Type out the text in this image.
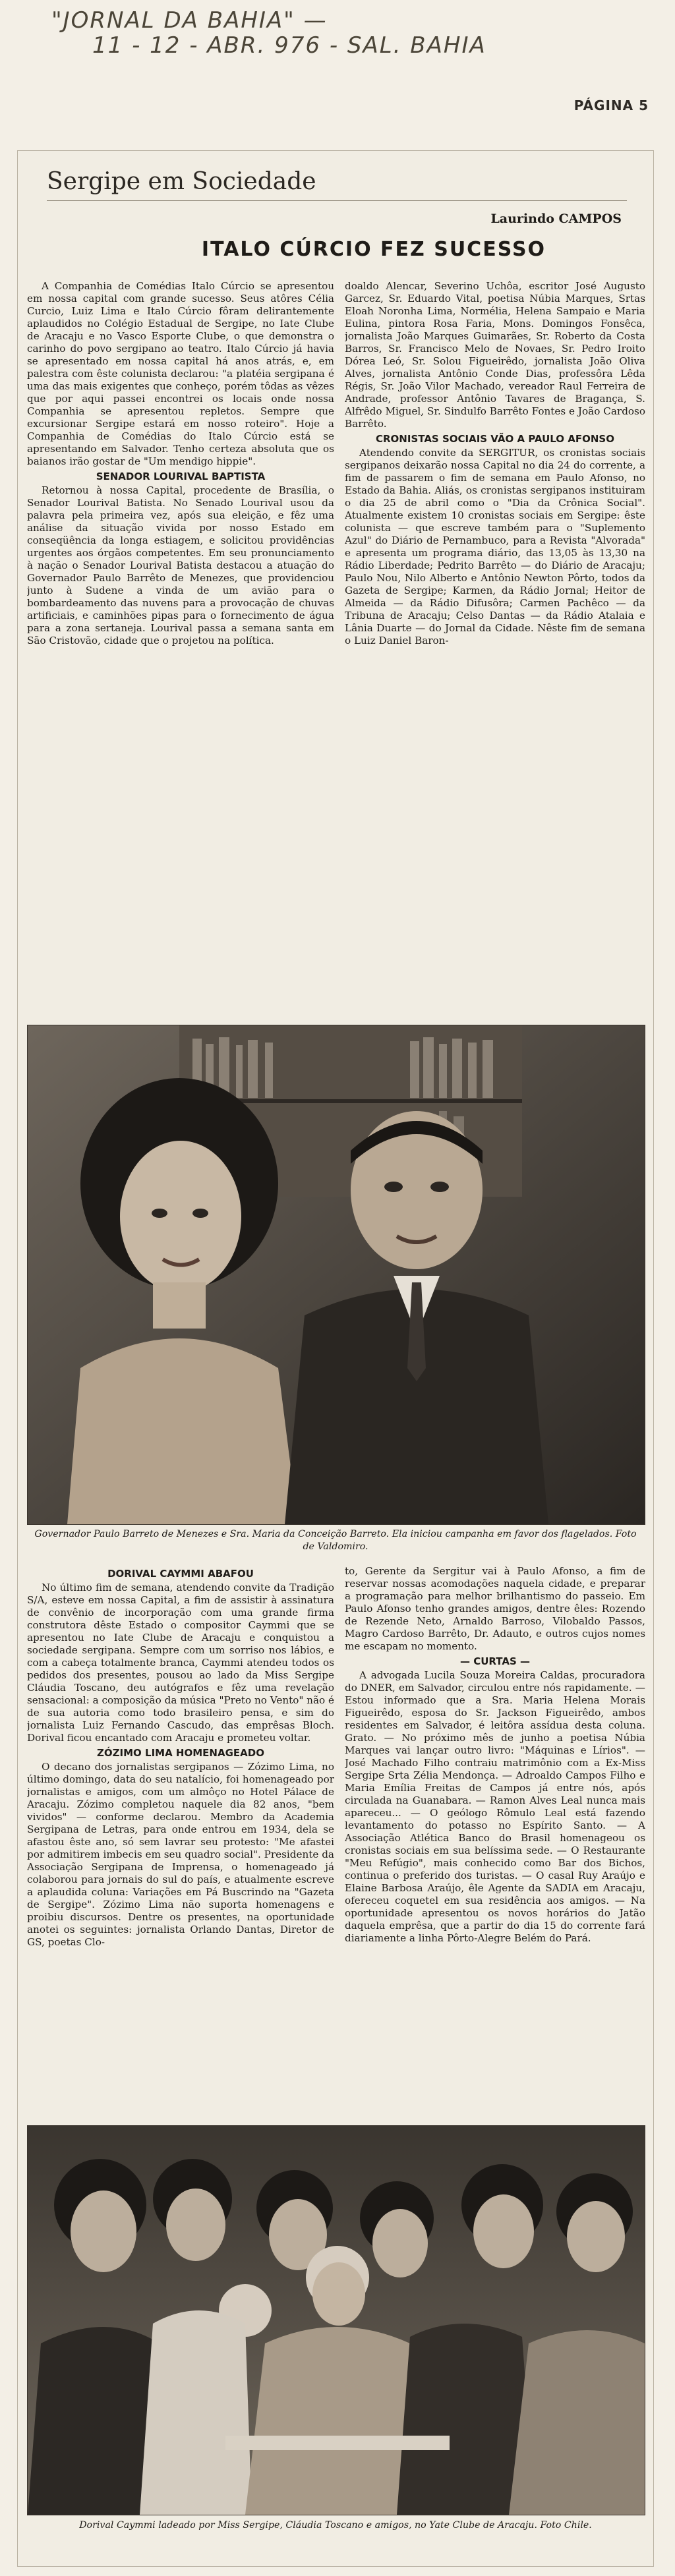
"JORNAL DA BAHIA" —
11 - 12 - ABR. 976 - SAL. BAHIA
PÁGINA 5
Sergipe em Sociedade
Laurindo CAMPOS
ITALO CÚRCIO FEZ SUCESSO

A Companhia de Comédias Italo Cúrcio se apresentou em nossa capital com grande sucesso. Seus atôres Célia Curcio, Luiz Lima e Italo Cúrcio fôram delirantemente aplaudidos no Colégio Estadual de Sergipe, no Iate Clube de Aracaju e no Vasco Esporte Clube, o que demonstra o carinho do povo sergipano ao teatro. Italo Cúrcio já havia se apresentado em nossa capital há anos atrás, e, em palestra com êste colunista declarou: "a platéia sergipana é uma das mais exigentes que conheço, porém tôdas as vêzes que por aqui passei encontrei os locais onde nossa Companhia se apresentou repletos. Sempre que excursionar Sergipe estará em nosso roteiro". Hoje a Companhia de Comédias do Italo Cúrcio está se apresentando em Salvador. Tenho certeza absoluta que os baianos irão gostar de "Um mendigo hippie".

SENADOR LOURIVAL BAPTISTA

Retornou à nossa Capital, procedente de Brasília, o Senador Lourival Batista. No Senado Lourival usou da palavra pela primeira vez, após sua eleição, e fêz uma análise da situação vivida por nosso Estado em conseqüência da longa estiagem, e solicitou providências urgentes aos órgãos competentes. Em seu pronunciamento à nação o Senador Lourival Batista destacou a atuação do Governador Paulo Barrêto de Menezes, que providenciou junto à Sudene a vinda de um avião para o bombardeamento das nuvens para a provocação de chuvas artificiais, e caminhões pipas para o fornecimento de água para a zona sertaneja. Lourival passa a semana santa em São Cristovão, cidade que o projetou na política.

doaldo Alencar, Severino Uchôa, escritor José Augusto Garcez, Sr. Eduardo Vital, poetisa Núbia Marques, Srtas Eloah Noronha Lima, Normélia, Helena Sampaio e Maria Eulina, pintora Rosa Faria, Mons. Domingos Fonsêca, jornalista João Marques Guimarães, Sr. Roberto da Costa Barros, Sr. Francisco Melo de Novaes, Sr. Pedro Iroito Dórea Leó, Sr. Solou Figueirêdo, jornalista João Oliva Alves, jornalista Antônio Conde Dias, professôra Lêda Régis, Sr. João Vilor Machado, vereador Raul Ferreira de Andrade, professor Antônio Tavares de Bragança, S. Alfrêdo Miguel, Sr. Sindulfo Barrêto Fontes e João Cardoso Barrêto.

CRONISTAS SOCIAIS VÃO A PAULO AFONSO

Atendendo convite da SERGITUR, os cronistas sociais sergipanos deixarão nossa Capital no dia 24 do corrente, a fim de passarem o fim de semana em Paulo Afonso, no Estado da Bahia. Aliás, os cronistas sergipanos instituiram o dia 25 de abril como o "Dia da Crônica Social". Atualmente existem 10 cronistas sociais em Sergipe: êste colunista — que escreve também para o "Suplemento Azul" do Diário de Pernambuco, para a Revista "Alvorada" e apresenta um programa diário, das 13,05 às 13,30 na Rádio Liberdade; Pedrito Barrêto — do Diário de Aracaju; Paulo Nou, Nilo Alberto e Antônio Newton Pôrto, todos da Gazeta de Sergipe; Karmen, da Rádio Jornal; Heitor de Almeida — da Rádio Difusôra; Carmen Pachêco — da Tribuna de Aracaju; Celso Dantas — da Rádio Atalaia e Lânia Duarte — do Jornal da Cidade. Nêste fim de semana o Luiz Daniel Baron-

Governador Paulo Barreto de Menezes e Sra. Maria da Conceição Barreto. Ela iniciou campanha em favor dos flagelados. Foto de Valdomiro.
DORIVAL CAYMMI ABAFOU

No último fim de semana, atendendo convite da Tradição S/A, esteve em nossa Capital, a fim de assistir à assinatura de convênio de incorporação com uma grande firma construtora dêste Estado o compositor Caymmi que se apresentou no Iate Clube de Aracaju e conquistou a sociedade sergipana. Sempre com um sorriso nos lábios, e com a cabeça totalmente branca, Caymmi atendeu todos os pedidos dos presentes, pousou ao lado da Miss Sergipe Cláudia Toscano, deu autógrafos e fêz uma revelação sensacional: a composição da música "Preto no Vento" não é de sua autoria como todo brasileiro pensa, e sim do jornalista Luiz Fernando Cascudo, das emprêsas Bloch. Dorival ficou encantado com Aracaju e prometeu voltar.

ZÓZIMO LIMA HOMENAGEADO

O decano dos jornalistas sergipanos — Zózimo Lima, no último domingo, data do seu natalício, foi homenageado por jornalistas e amigos, com um almôço no Hotel Pálace de Aracaju. Zózimo completou naquele dia 82 anos, "bem vividos" — conforme declarou. Membro da Academia Sergipana de Letras, para onde entrou em 1934, dela se afastou êste ano, só sem lavrar seu protesto: "Me afastei por admitirem imbecis em seu quadro social". Presidente da Associação Sergipana de Imprensa, o homenageado já colaborou para jornais do sul do país, e atualmente escreve a aplaudida coluna: Variações em Pá Buscrindo na "Gazeta de Sergipe". Zózimo Lima não suporta homenagens e proibiu discursos. Dentre os presentes, na oportunidade anotei os seguintes: jornalista Orlando Dantas, Diretor de GS, poetas Clo-

to, Gerente da Sergitur vai à Paulo Afonso, a fim de reservar nossas acomodações naquela cidade, e preparar a programação para melhor brilhantismo do passeio. Em Paulo Afonso tenho grandes amigos, dentre êles: Rozendo de Rezende Neto, Arnaldo Barroso, Vilobaldo Passos, Magro Cardoso Barrêto, Dr. Adauto, e outros cujos nomes me escapam no momento.

— CURTAS —

A advogada Lucila Souza Moreira Caldas, procuradora do DNER, em Salvador, circulou entre nós rapidamente. — Estou informado que a Sra. Maria Helena Morais Figueirêdo, esposa do Sr. Jackson Figueirêdo, ambos residentes em Salvador, é leitôra assídua desta coluna. Grato. — No próximo mês de junho a poetisa Núbia Marques vai lançar outro livro: "Máquinas e Lírios". — José Machado Filho contraiu matrimônio com a Ex-Miss Sergipe Srta Zélia Mendonça. — Adroaldo Campos Filho e Maria Emília Freitas de Campos já entre nós, após circulada na Guanabara. — Ramon Alves Leal nunca mais apareceu... — O geólogo Rômulo Leal está fazendo levantamento do potasso no Espírito Santo. — A Associação Atlética Banco do Brasil homenageou os cronistas sociais em sua belíssima sede. — O Restaurante "Meu Refúgio", mais conhecido como Bar dos Bichos, continua o preferido dos turistas. — O casal Ruy Araújo e Elaine Barbosa Araújo, êle Agente da SADIA em Aracaju, ofereceu coquetel em sua residência aos amigos. — Na oportunidade apresentou os novos horários do Jatão daquela emprêsa, que a partir do dia 15 do corrente fará diariamente a linha Pôrto-Alegre Belém do Pará.

Dorival Caymmi ladeado por Miss Sergipe, Cláudia Toscano e amigos, no Yate Clube de Aracaju. Foto Chile.
